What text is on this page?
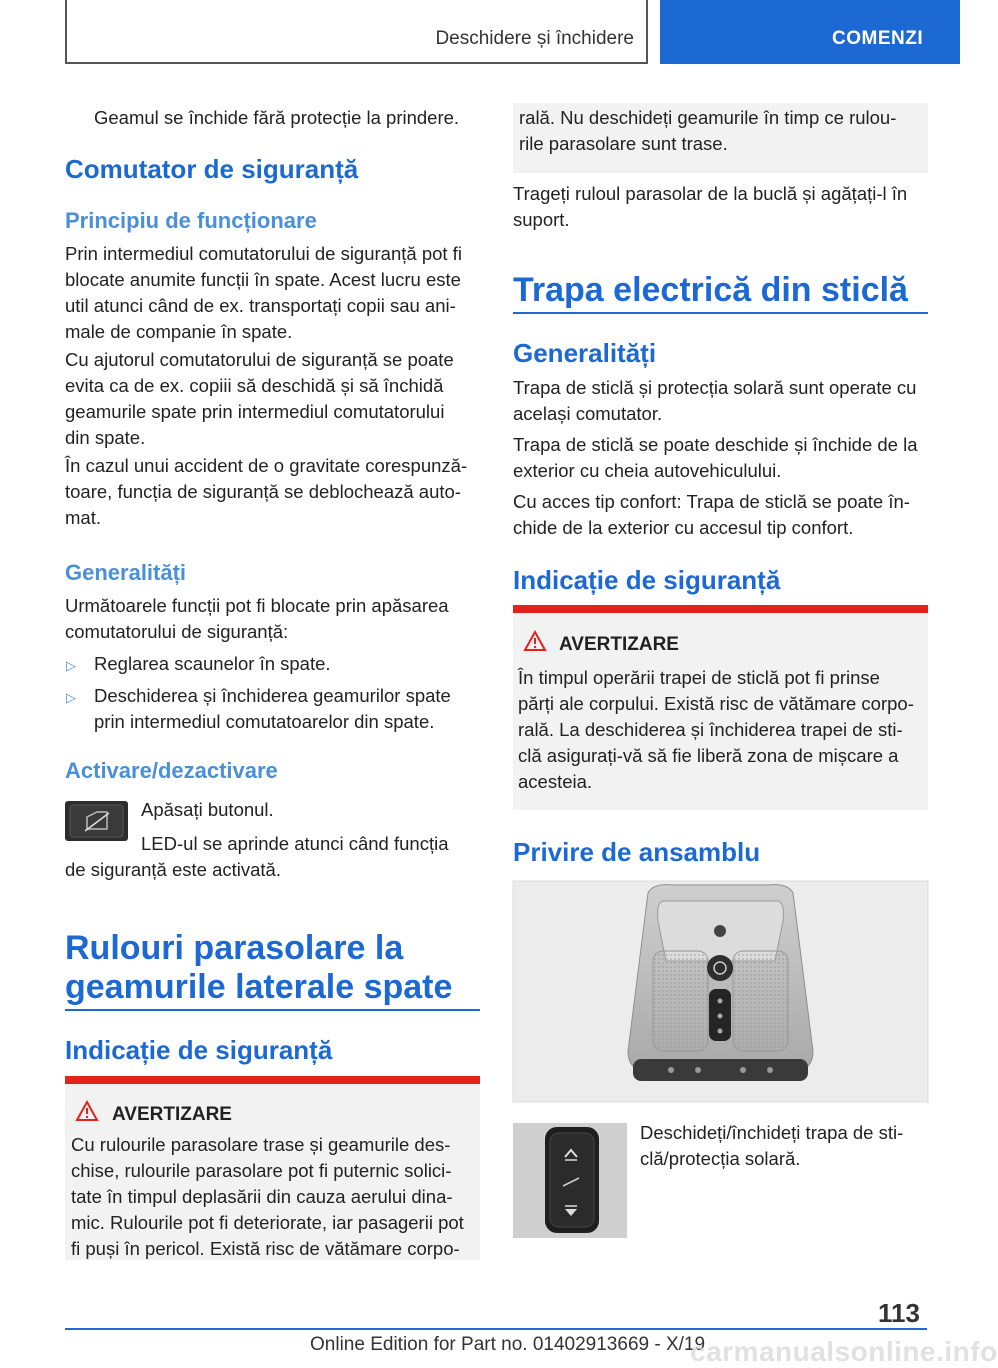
Deschidere și închidere	COMENZI

Geamul se închide fără protecție la prindere.

Comutator de siguranță
Principiu de funcționare

Prin intermediul comutatorului de siguranță pot fi

blocate anumite funcții în spate. Acest lucru este

util atunci când de ex. transportați copii sau ani-

male de companie în spate.

Cu ajutorul comutatorului de siguranță se poate

evita ca de ex. copiii să deschidă și să închidă

geamurile spate prin intermediul comutatorului

din spate.

În cazul unui accident de o gravitate corespunză-

toare, funcția de siguranță se deblochează auto-

mat.

Generalități

Următoarele funcții pot fi blocate prin apăsarea

comutatorului de siguranță:

▷ Reglarea scaunelor în spate.

▷ Deschiderea și închiderea geamurilor spate

prin intermediul comutatoarelor din spate.

Activare/dezactivare

Apăsați butonul.

LED-ul se aprinde atunci când funcția

de siguranță este activată.

Rulouri parasolare la
geamurile laterale spate
Indicație de siguranță
AVERTIZARE

Cu rulourile parasolare trase și geamurile des-

chise, rulourile parasolare pot fi puternic solici-

tate în timpul deplasării din cauza aerului dina-

mic. Rulourile pot fi deteriorate, iar pasagerii pot

fi puși în pericol. Există risc de vătămare corpo-

rală. Nu deschideți geamurile în timp ce rulou-

rile parasolare sunt trase.

Trageți ruloul parasolar de la buclă și agățați-l în

suport.

Trapa electrică din sticlă
Generalități

Trapa de sticlă și protecția solară sunt operate cu

același comutator.

Trapa de sticlă se poate deschide și închide de la

exterior cu cheia autovehiculului.

Cu acces tip confort: Trapa de sticlă se poate în-

chide de la exterior cu accesul tip confort.

Indicație de siguranță
AVERTIZARE

În timpul operării trapei de sticlă pot fi prinse

părți ale corpului. Există risc de vătămare corpo-

rală. La deschiderea și închiderea trapei de sti-

clă asigurați-vă să fie liberă zona de mișcare a

acesteia.

Privire de ansamblu

Deschideți/închideți trapa de sti-

clă/protecția solară.

113
Online Edition for Part no. 01402913669 - X/19
carmanualsonline.info
